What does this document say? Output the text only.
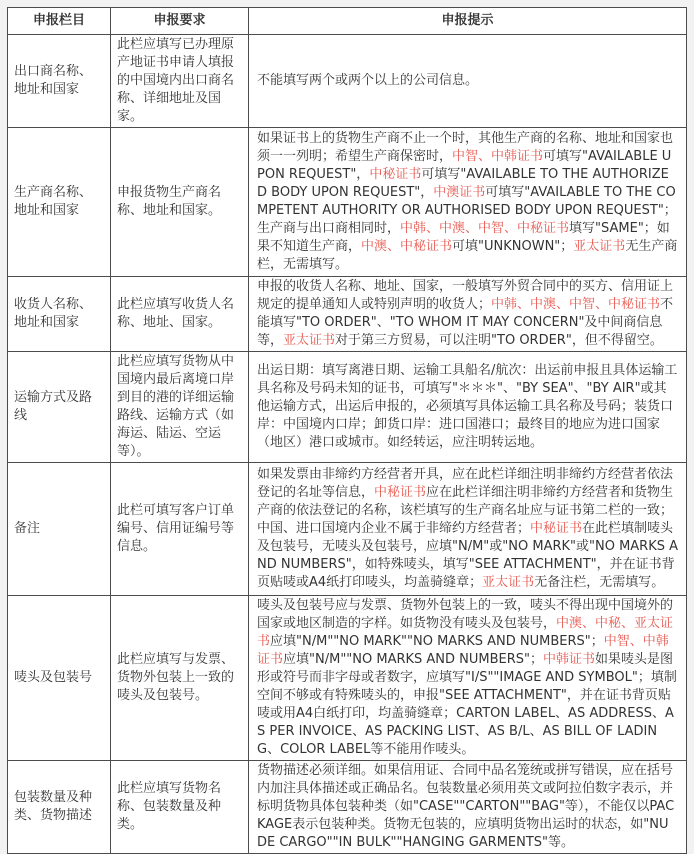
申报栏目	申报要求	申报提示
出口商名称、地址和国家	此栏应填写已办理原产地证书申请人填报的中国境内出口商名称、详细地址及国家。	不能填写两个或两个以上的公司信息。
生产商名称、地址和国家	申报货物生产商名称、地址和国家。	如果证书上的货物生产商不止一个时，其他生产商的名称、地址和国家也须一一列明；希望生产商保密时，中智、中韩证书可填写"AVAILABLE UPON REQUEST"，中秘证书可填写"AVAILABLE TO THE AUTHORIZED BODY UPON REQUEST"，中澳证书可填写"AVAILABLE TO THE COMPETENT AUTHORITY OR AUTHORISED BODY UPON REQUEST"；生产商与出口商相同时，中韩、中澳、中智、中秘证书填写"SAME"；如果不知道生产商，中澳、中秘证书可填"UNKNOWN"；亚太证书无生产商栏，无需填写。
收货人名称、地址和国家	此栏应填写收货人名称、地址、国家。	申报的收货人名称、地址、国家，一般填写外贸合同中的买方、信用证上规定的提单通知人或特别声明的收货人；中韩、中澳、中智、中秘证书不能填写"TO ORDER"、"TO WHOM IT MAY CONCERN"及中间商信息等，亚太证书对于第三方贸易，可以注明"TO ORDER"，但不得留空。
运输方式及路线	此栏应填写货物从中国境内最后离境口岸到目的港的详细运输路线、运输方式（如海运、陆运、空运等）。	出运日期：填写离港日期、运输工具船名/航次：出运前申报且具体运输工具名称及号码未知的证书，可填写"＊＊＊"、"BY SEA"、"BY AIR"或其他运输方式，出运后申报的，必须填写具体运输工具名称及号码；装货口岸：中国境内口岸；卸货口岸：进口国港口；最终目的地应为进口国家（地区）港口或城市。如经转运，应注明转运地。
备注	此栏可填写客户订单编号、信用证编号等信息。	如果发票由非缔约方经营者开具，应在此栏详细注明非缔约方经营者依法登记的名址等信息，中秘证书应在此栏详细注明非缔约方经营者和货物生产商的依法登记的名称，该栏填写的生产商名址应与证书第二栏的一致；中国、进口国境内企业不属于非缔约方经营者；中秘证书在此栏填制唛头及包装号，无唛头及包装号，应填"N/M"或"NO MARK"或"NO MARKS AND NUMBERS"，如特殊唛头，填写"SEE ATTACHMENT"，并在证书背页贴唛或A4纸打印唛头，均盖骑缝章；亚太证书无备注栏，无需填写。
唛头及包装号	此栏应填写与发票、货物外包装上一致的唛头及包装号。	唛头及包装号应与发票、货物外包装上的一致，唛头不得出现中国境外的国家或地区制造的字样。如货物没有唛头及包装号，中澳、中秘、亚太证书应填"N/M""NO MARK""NO MARKS AND NUMBERS"；中智、中韩证书应填"N/M""NO MARKS AND NUMBERS"；中韩证书如果唛头是图形或符号而非字母或者数字，应填写"I/S""IMAGE AND SYMBOL"；填制空间不够或有特殊唛头的，申报"SEE ATTACHMENT"，并在证书背页贴唛或用A4白纸打印，均盖骑缝章；CARTON LABEL、AS ADDRESS、AS PER INVOICE、AS PACKING LIST、AS B/L、AS BILL OF LADING、COLOR LABEL等不能用作唛头。
包装数量及种类、货物描述	此栏应填写货物名称、包装数量及种类。	货物描述必须详细。如果信用证、合同中品名笼统或拼写错误，应在括号内加注具体描述或正确品名。包装数量必须用英文或阿拉伯数字表示，并标明货物具体包装种类（如"CASE""CARTON""BAG"等），不能仅以PACKAGE表示包装种类。货物无包装的，应填明货物出运时的状态，如"NUDE CARGO""IN BULK""HANGING GARMENTS"等。
